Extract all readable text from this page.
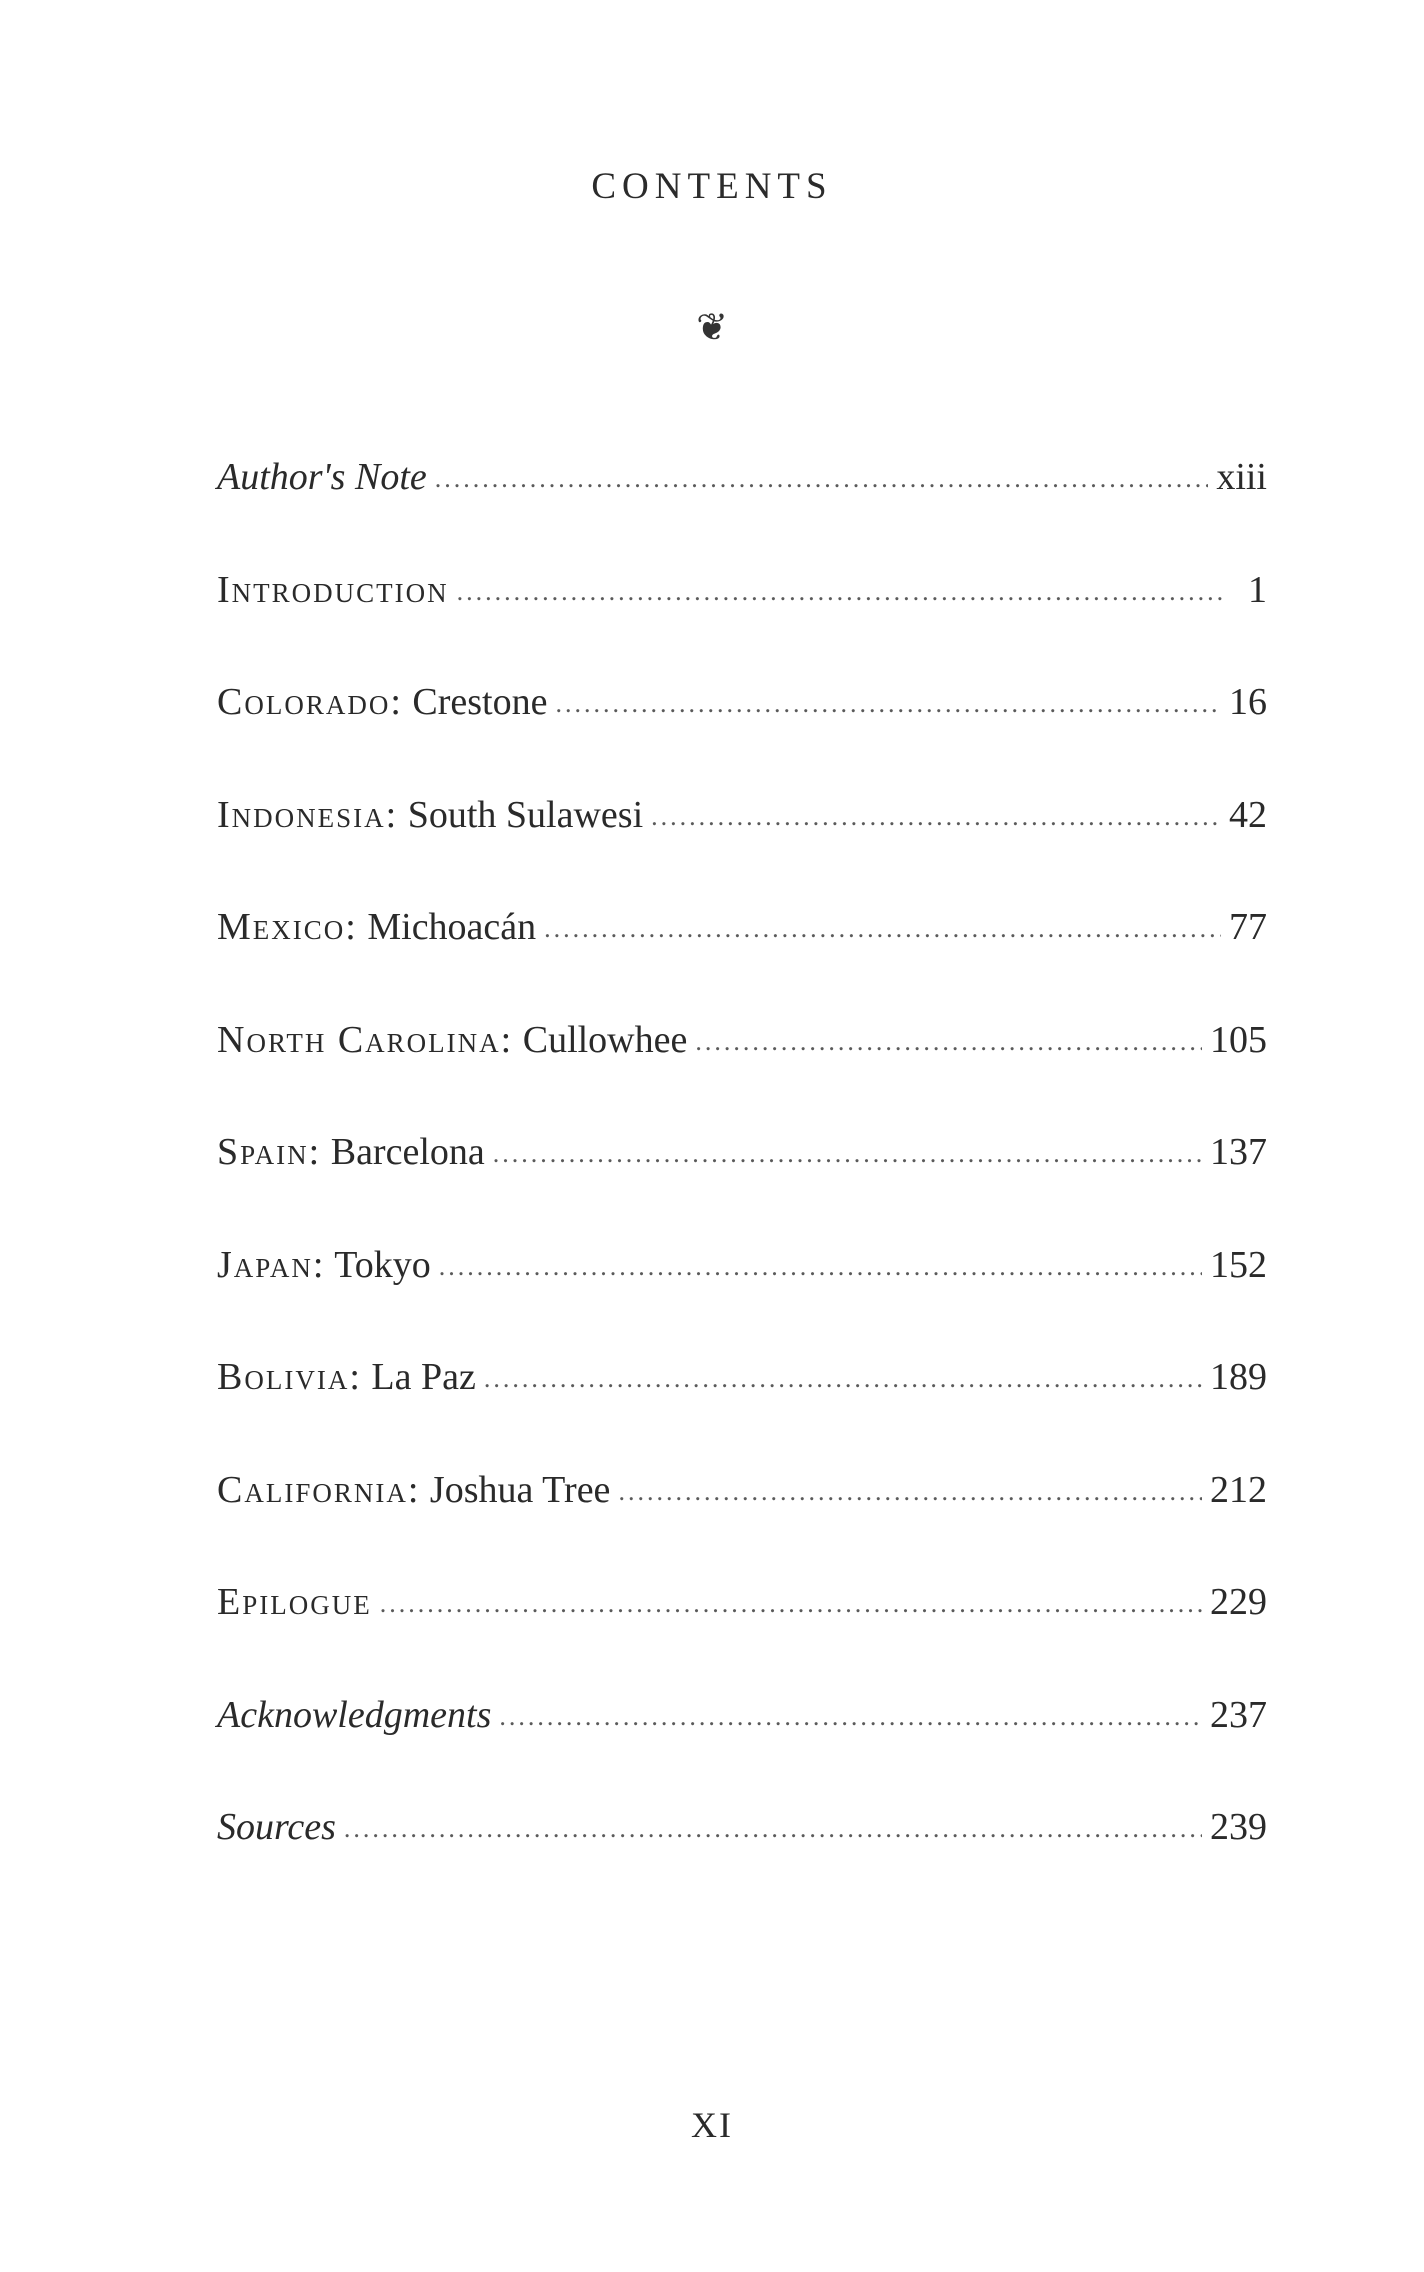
CONTENTS
❦
Author's Note .....	xiii
Introduction .....	1
Colorado: Crestone .....	16
Indonesia: South Sulawesi .....	42
Mexico: Michoacán .....	77
North Carolina: Cullowhee .....	105
Spain: Barcelona .....	137
Japan: Tokyo .....	152
Bolivia: La Paz .....	189
California: Joshua Tree .....	212
Epilogue .....	229
Acknowledgments .....	237
Sources .....	239
XI
